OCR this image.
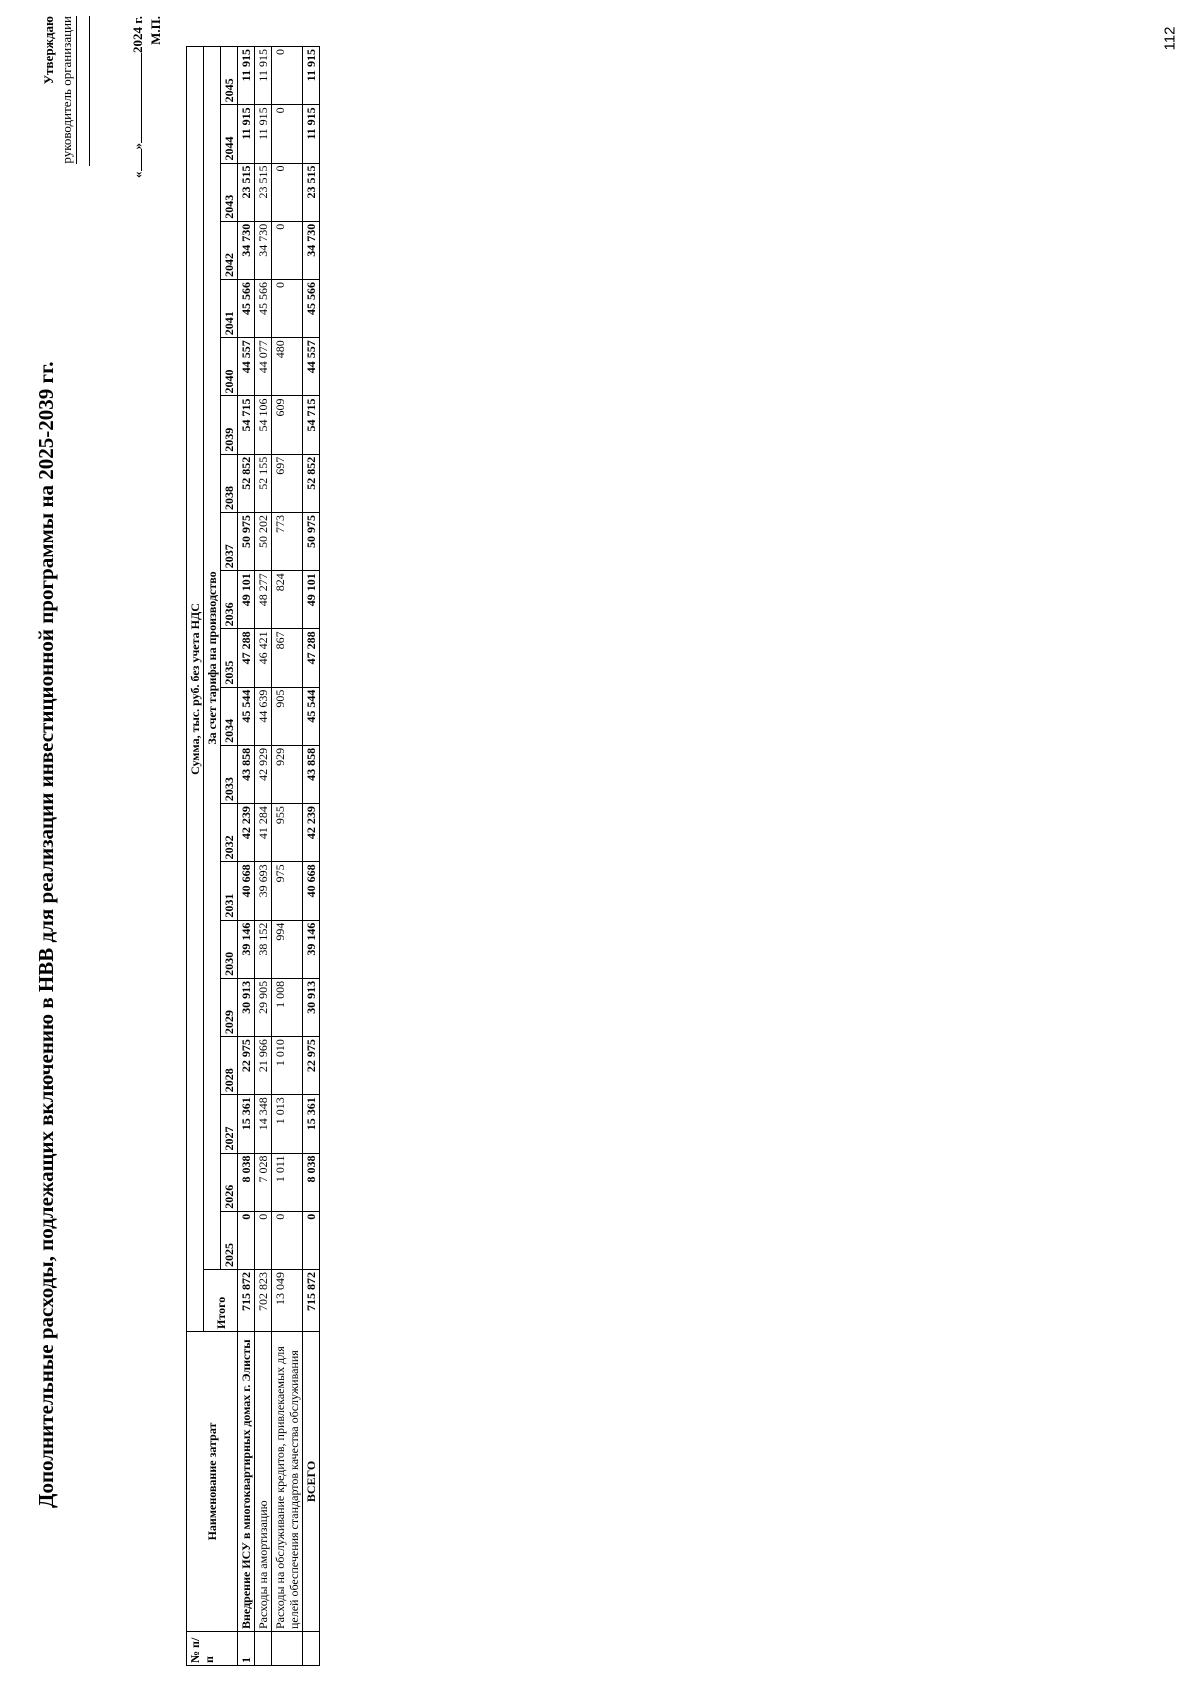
112
Дополнительные расходы, подлежащих включению в НВВ для реализации инвестиционной программы на 2025-2039 гг.
Утверждаю руководитель организации
«»2024 г. М.П.
№ п/п	Наименование затрат	Сумма, тыс. руб. без учета НДС																					
		Итого	За счет тарифа на производство																				
			2025	2026	2027	2028	2029	2030	2031	2032	2033	2034	2035	2036	2037	2038	2039	2040	2041	2042	2043	2044	2045
1	Внедрение ИСУ в многоквартирных домах г. Элисты	715 872	0	8 038	15 361	22 975	30 913	39 146	40 668	42 239	43 858	45 544	47 288	49 101	50 975	52 852	54 715	44 557	45 566	34 730	23 515	11 915	11 915
	Расходы на амортизацию	702 823	0	7 028	14 348	21 966	29 905	38 152	39 693	41 284	42 929	44 639	46 421	48 277	50 202	52 155	54 106	44 077	45 566	34 730	23 515	11 915	11 915
	Расходы на обслуживание кредитов, привлекаемых для целей обеспечения стандартов качества обслуживания	13 049	0	1 011	1 013	1 010	1 008	994	975	955	929	905	867	824	773	697	609	480	0	0	0	0	0
	ВСЕГО	715 872	0	8 038	15 361	22 975	30 913	39 146	40 668	42 239	43 858	45 544	47 288	49 101	50 975	52 852	54 715	44 557	45 566	34 730	23 515	11 915	11 915
